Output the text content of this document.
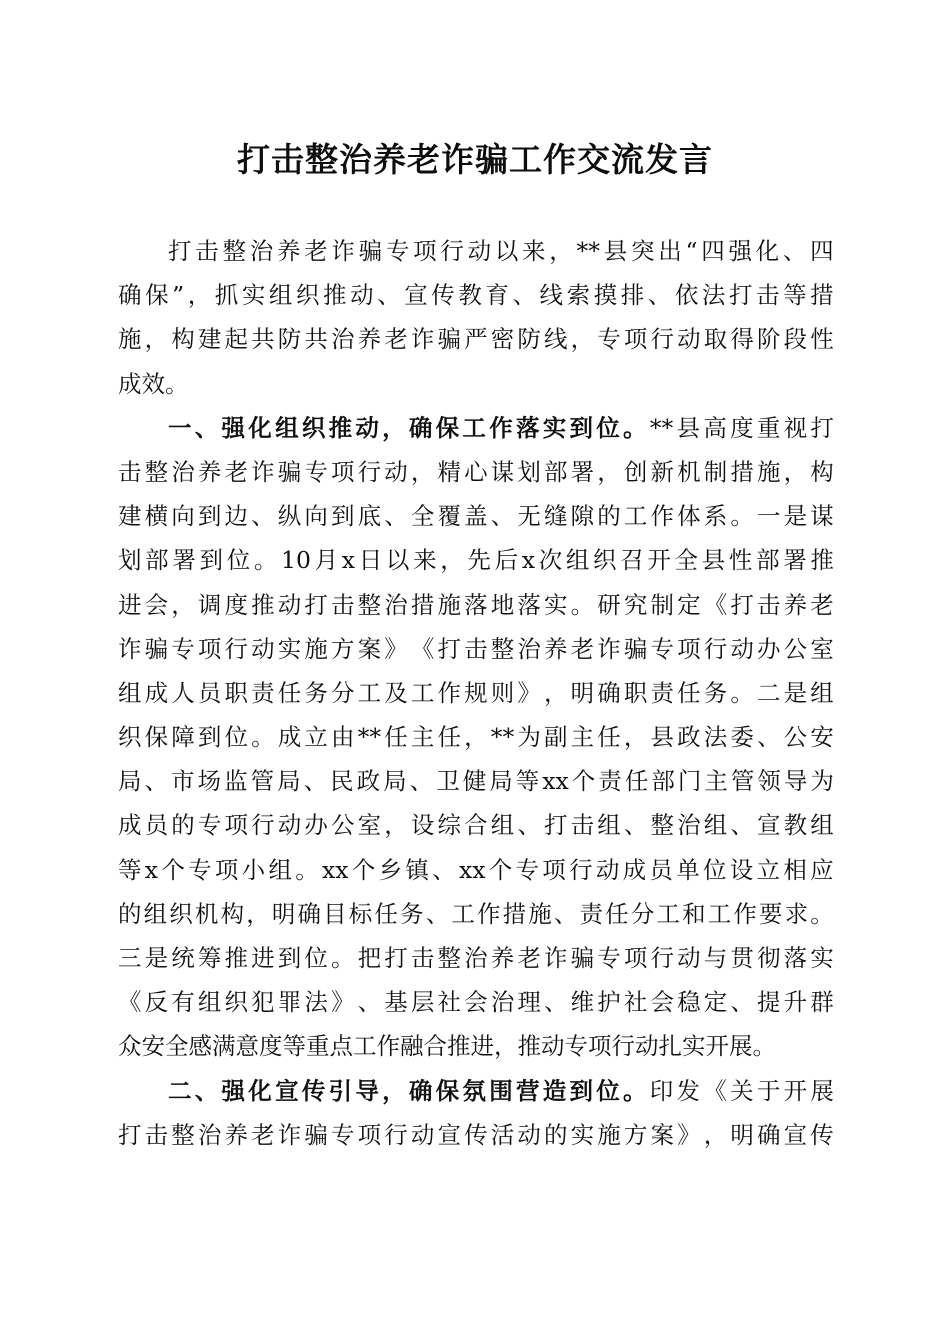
打击整治养老诈骗工作交流发言
打 击 整 治 养 老 诈 骗 专 项 行 动 以 来 ， ** 县 突 出 “ 四 强 化 、 四
确 保 ” ， 抓 实 组 织 推 动 、 宣 传 教 育 、 线 索 摸 排 、 依 法 打 击 等 措
施 ， 构 建 起 共 防 共 治 养 老 诈 骗 严 密 防 线 ， 专 项 行 动 取 得 阶 段 性
成 效 。
一 、 强 化 组 织 推 动 ， 确 保 工 作 落 实 到 位 。 ** 县 高 度 重 视 打
击 整 治 养 老 诈 骗 专 项 行 动 ， 精 心 谋 划 部 署 ， 创 新 机 制 措 施 ， 构
建 横 向 到 边 、 纵 向 到 底 、 全 覆 盖 、 无 缝 隙 的 工 作 体 系 。 一 是 谋
划 部 署 到 位 。 10 月 x 日 以 来 ， 先 后 x 次 组 织 召 开 全 县 性 部 署 推
进 会 ， 调 度 推 动 打 击 整 治 措 施 落 地 落 实 。 研 究 制 定 《 打 击 养 老
诈 骗 专 项 行 动 实 施 方 案 》 《 打 击 整 治 养 老 诈 骗 专 项 行 动 办 公 室
组 成 人 员 职 责 任 务 分 工 及 工 作 规 则 》 ， 明 确 职 责 任 务 。 二 是 组
织 保 障 到 位 。 成 立 由 ** 任 主 任 ， ** 为 副 主 任 ， 县 政 法 委 、 公 安
局 、 市 场 监 管 局 、 民 政 局 、 卫 健 局 等 xx 个 责 任 部 门 主 管 领 导 为
成 员 的 专 项 行 动 办 公 室 ， 设 综 合 组 、 打 击 组 、 整 治 组 、 宣 教 组
等 x 个 专 项 小 组 。 xx 个 乡 镇 、 xx 个 专 项 行 动 成 员 单 位 设 立 相 应
的 组 织 机 构 ， 明 确 目 标 任 务 、 工 作 措 施 、 责 任 分 工 和 工 作 要 求 。
三 是 统 筹 推 进 到 位 。 把 打 击 整 治 养 老 诈 骗 专 项 行 动 与 贯 彻 落 实
《 反 有 组 织 犯 罪 法 》 、 基 层 社 会 治 理 、 维 护 社 会 稳 定 、 提 升 群
众 安 全 感 满 意 度 等 重 点 工 作 融 合 推 进 ， 推 动 专 项 行 动 扎 实 开 展 。
二 、 强 化 宣 传 引 导 ， 确 保 氛 围 营 造 到 位 。 印 发 《 关 于 开 展
打 击 整 治 养 老 诈 骗 专 项 行 动 宣 传 活 动 的 实 施 方 案 》 ， 明 确 宣 传
